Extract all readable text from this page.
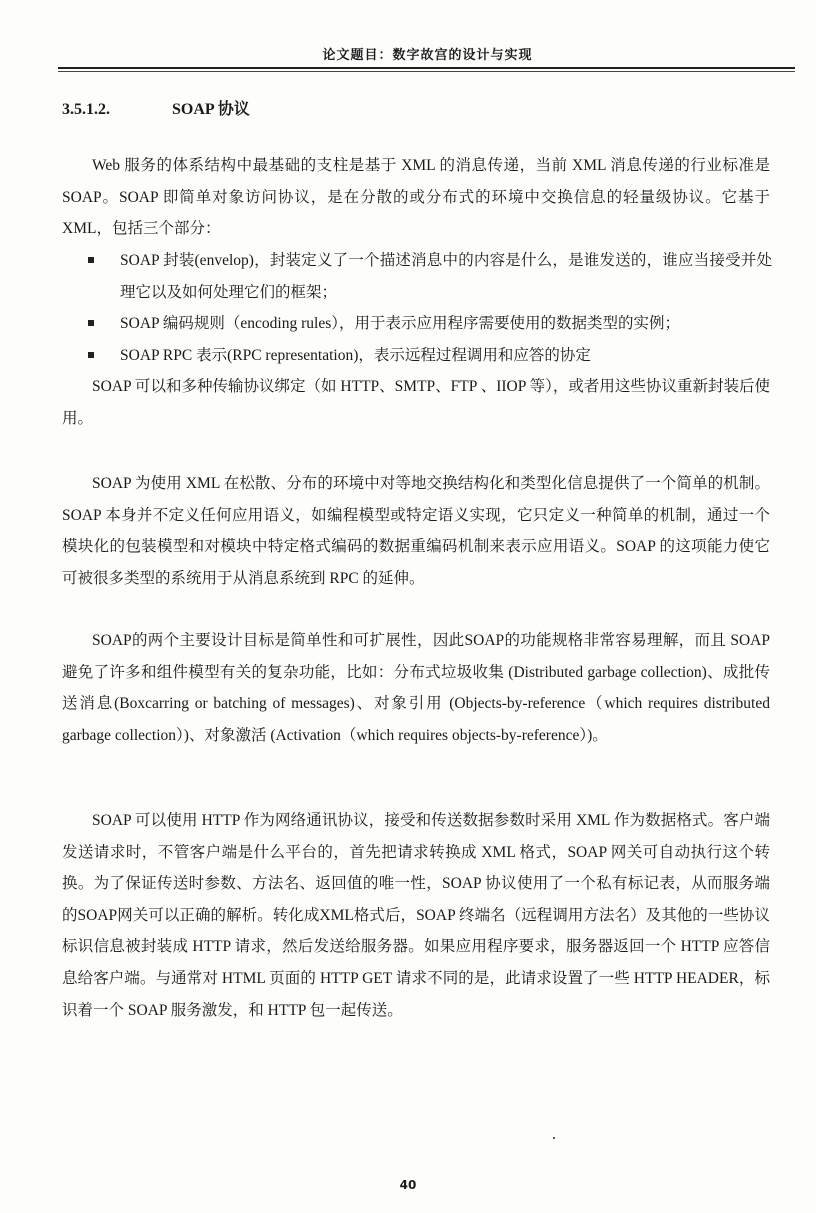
论文题目：数字故宫的设计与实现
3.5.1.2.	SOAP 协议

Web 服务的体系结构中最基础的支柱是基于 XML 的消息传递，当前 XML 消息传递的行业标准是 SOAP。SOAP 即简单对象访问协议，是在分散的或分布式的环境中交换信息的轻量级协议。它基于 XML，包括三个部分：

SOAP 封装(envelop)，封装定义了一个描述消息中的内容是什么，是谁发送的，谁应当接受并处理它以及如何处理它们的框架；
SOAP 编码规则（encoding rules），用于表示应用程序需要使用的数据类型的实例；
SOAP RPC 表示(RPC representation)，表示远程过程调用和应答的协定

SOAP 可以和多种传输协议绑定（如 HTTP、SMTP、FTP 、IIOP 等），或者用这些协议重新封装后使用。

SOAP 为使用 XML 在松散、分布的环境中对等地交换结构化和类型化信息提供了一个简单的机制。SOAP 本身并不定义任何应用语义，如编程模型或特定语义实现，它只定义一种简单的机制，通过一个模块化的包装模型和对模块中特定格式编码的数据重编码机制来表示应用语义。SOAP 的这项能力使它可被很多类型的系统用于从消息系统到 RPC 的延伸。

SOAP的两个主要设计目标是简单性和可扩展性，因此SOAP的功能规格非常容易理解，而且 SOAP 避免了许多和组件模型有关的复杂功能，比如：分布式垃圾收集 (Distributed garbage collection)、成批传送消息(Boxcarring or batching of messages)、对象引用 (Objects-by-reference（which requires distributed garbage collection）)、对象激活 (Activation（which requires objects-by-reference）)。

SOAP 可以使用 HTTP 作为网络通讯协议，接受和传送数据参数时采用 XML 作为数据格式。客户端发送请求时，不管客户端是什么平台的，首先把请求转换成 XML 格式，SOAP 网关可自动执行这个转换。为了保证传送时参数、方法名、返回值的唯一性，SOAP 协议使用了一个私有标记表，从而服务端的SOAP网关可以正确的解析。转化成XML格式后，SOAP 终端名（远程调用方法名）及其他的一些协议标识信息被封装成 HTTP 请求，然后发送给服务器。如果应用程序要求，服务器返回一个 HTTP 应答信息给客户端。与通常对 HTML 页面的 HTTP GET 请求不同的是，此请求设置了一些 HTTP HEADER，标识着一个 SOAP 服务激发，和 HTTP 包一起传送。

40
